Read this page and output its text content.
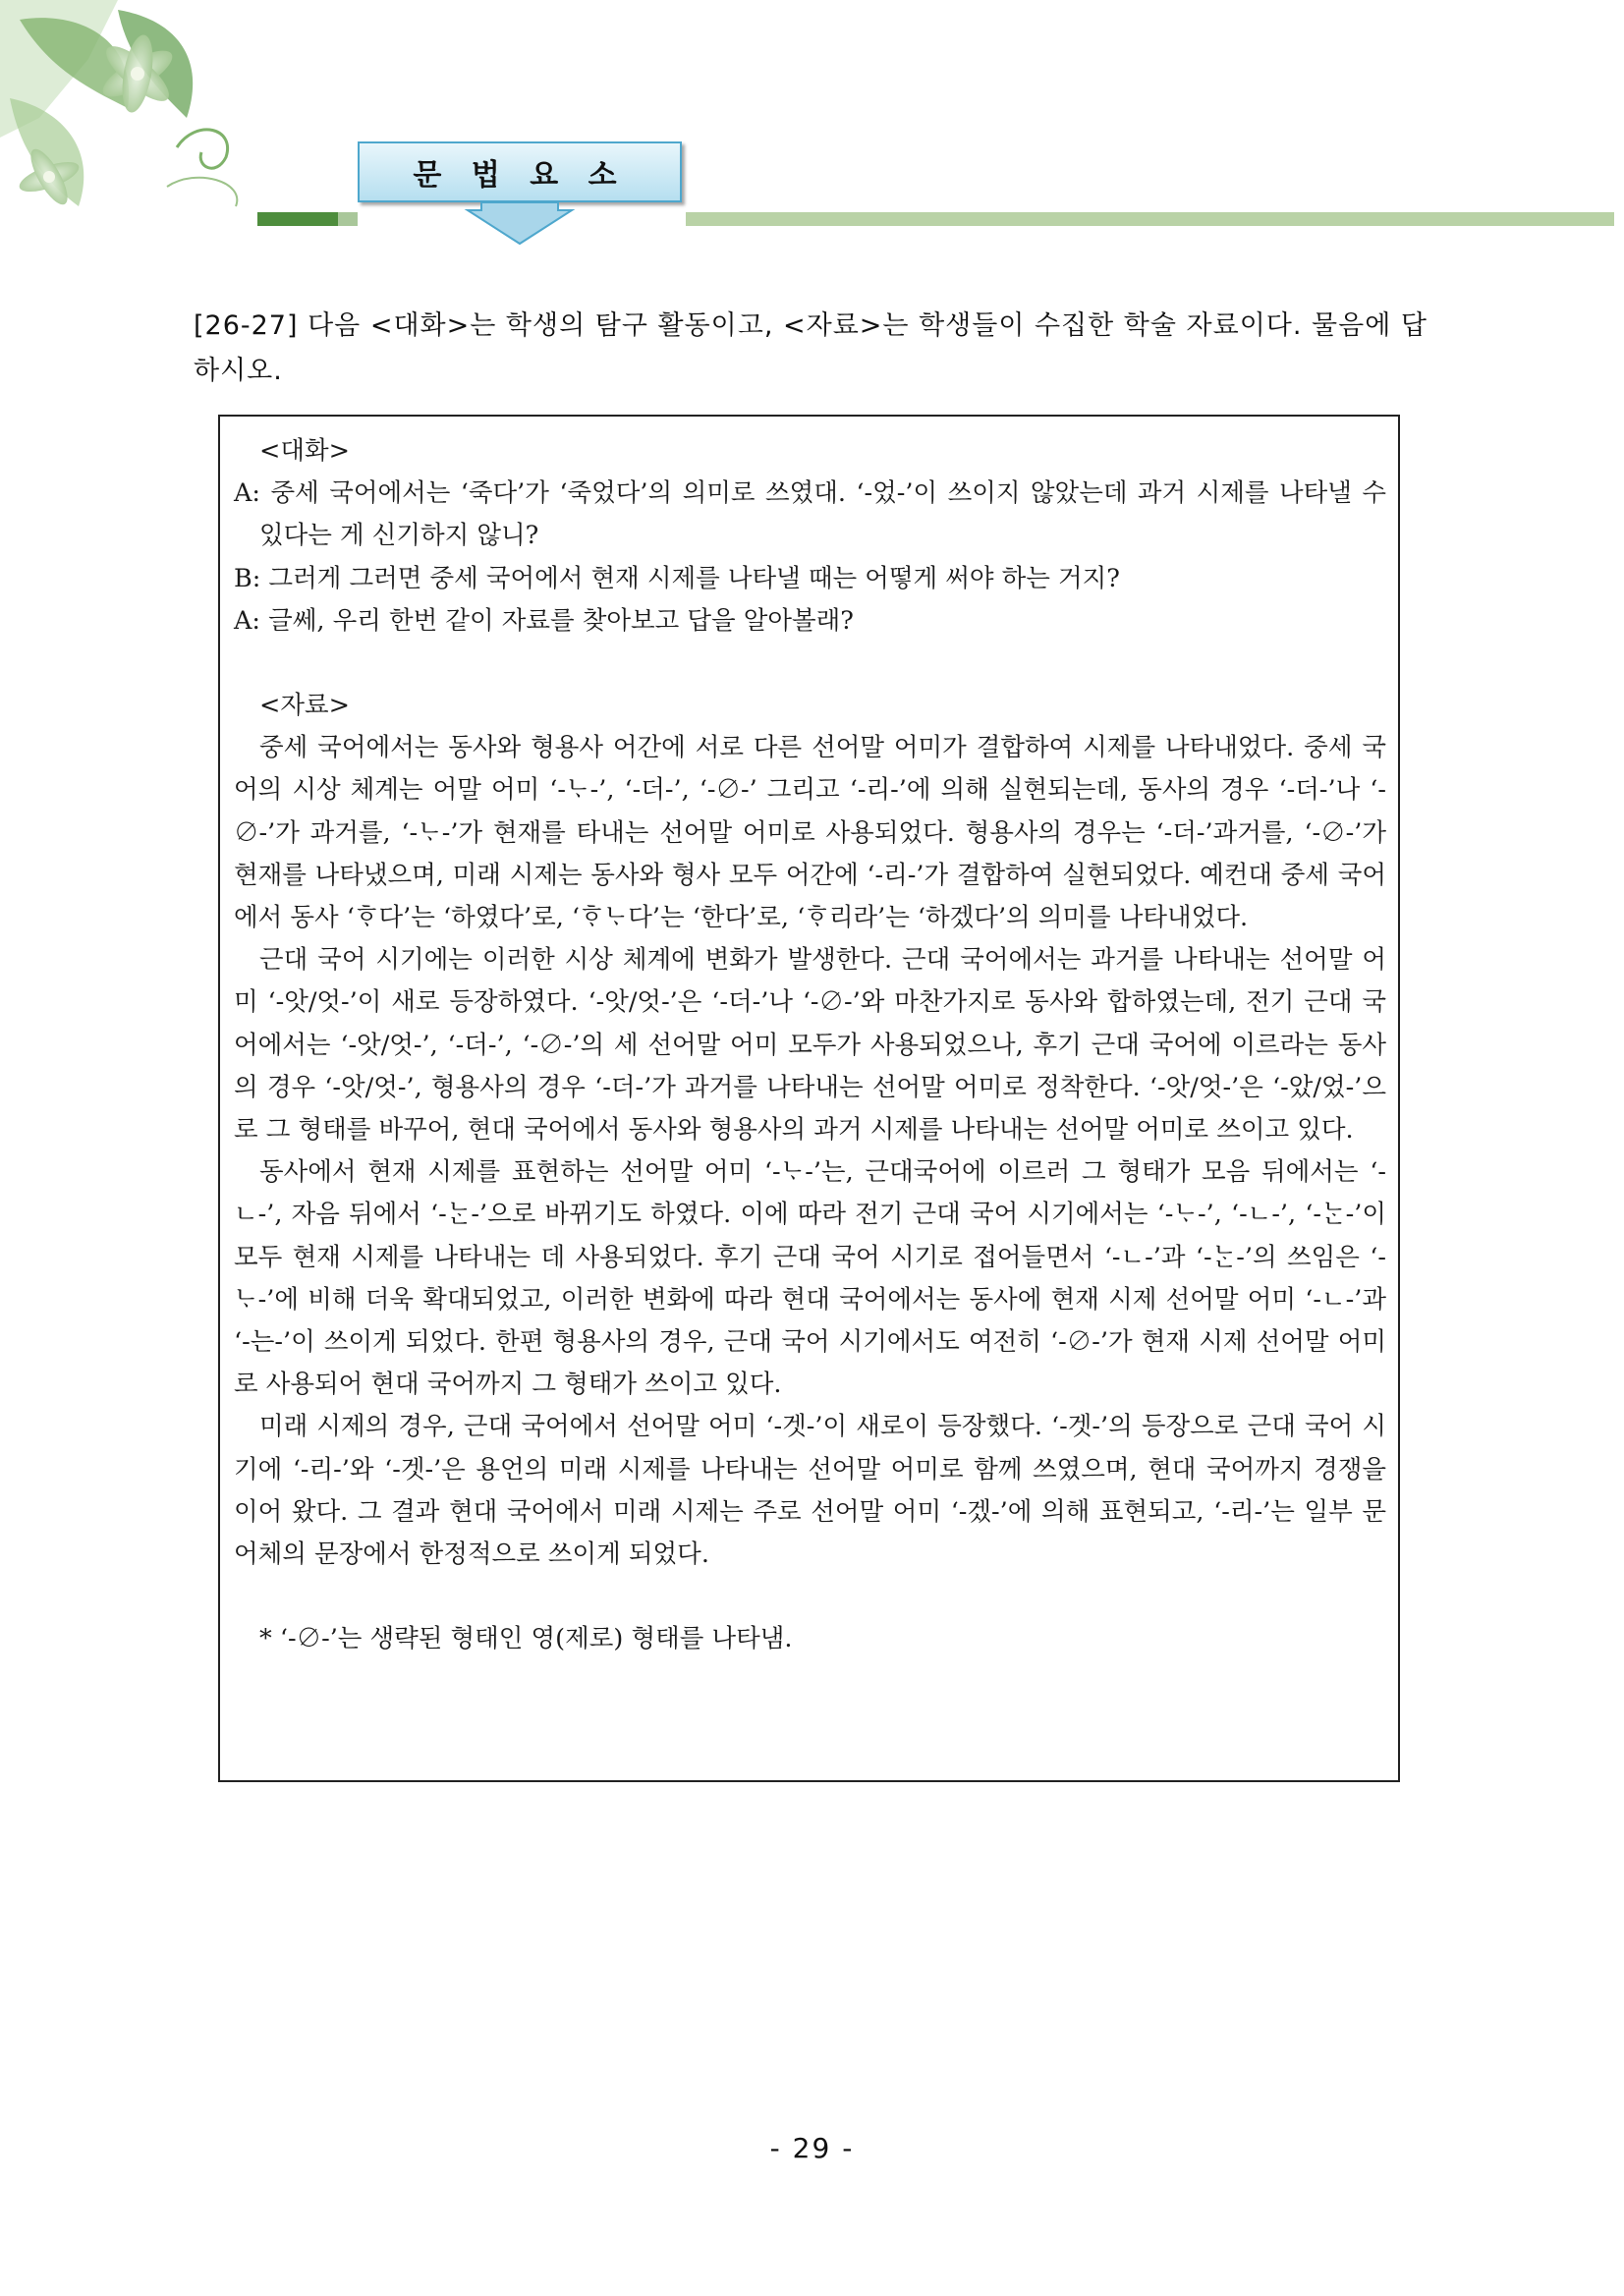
문 법 요 소
[26-27] 다음 <대화>는 학생의 탐구 활동이고, <자료>는 학생들이 수집한 학술 자료이다. 물음에 답하시오.

<대화>

A: 중세 국어에서는 ‘죽다’가 ‘죽었다’의 의미로 쓰였대. ‘-었-’이 쓰이지 않았는데 과거 시제를 나타낼 수 있다는 게 신기하지 않니?

B: 그러게 그러면 중세 국어에서 현재 시제를 나타낼 때는 어떻게 써야 하는 거지?

A: 글쎄, 우리 한번 같이 자료를 찾아보고 답을 알아볼래?

<자료>

중세 국어에서는 동사와 형용사 어간에 서로 다른 선어말 어미가 결합하여 시제를 나타내었다. 중세 국어의 시상 체계는 어말 어미 ‘-ᄂᆞ-’, ‘-더-’, ‘-∅-’ 그리고 ‘-리-’에 의해 실현되는데, 동사의 경우 ‘-더-’나 ‘-∅-’가 과거를, ‘-ᄂᆞ-’가 현재를 타내는 선어말 어미로 사용되었다. 형용사의 경우는 ‘-더-’과거를, ‘-∅-’가 현재를 나타냈으며, 미래 시제는 동사와 형사 모두 어간에 ‘-리-’가 결합하여 실현되었다. 예컨대 중세 국어에서 동사 ‘ᄒᆞ다’는 ‘하였다’로, ‘ᄒᆞᄂᆞ다’는 ‘한다’로, ‘ᄒᆞ리라’는 ‘하겠다’의 의미를 나타내었다.

근대 국어 시기에는 이러한 시상 체계에 변화가 발생한다. 근대 국어에서는 과거를 나타내는 선어말 어미 ‘-앗/엇-’이 새로 등장하였다. ‘-앗/엇-’은 ‘-더-’나 ‘-∅-’와 마찬가지로 동사와 합하였는데, 전기 근대 국어에서는 ‘-앗/엇-’, ‘-더-’, ‘-∅-’의 세 선어말 어미 모두가 사용되었으나, 후기 근대 국어에 이르라는 동사의 경우 ‘-앗/엇-’, 형용사의 경우 ‘-더-’가 과거를 나타내는 선어말 어미로 정착한다. ‘-앗/엇-’은 ‘-았/었-’으로 그 형태를 바꾸어, 현대 국어에서 동사와 형용사의 과거 시제를 나타내는 선어말 어미로 쓰이고 있다.

동사에서 현재 시제를 표현하는 선어말 어미 ‘-ᄂᆞ-’는, 근대국어에 이르러 그 형태가 모음 뒤에서는 ‘-ㄴ-’, 자음 뒤에서 ‘-ᄂᆞᆫ-’으로 바뀌기도 하였다. 이에 따라 전기 근대 국어 시기에서는 ‘-ᄂᆞ-’, ‘-ㄴ-’, ‘-ᄂᆞᆫ-’이 모두 현재 시제를 나타내는 데 사용되었다. 후기 근대 국어 시기로 접어들면서 ‘-ㄴ-’과 ‘-ᄂᆞᆫ-’의 쓰임은 ‘-ᄂᆞ-’에 비해 더욱 확대되었고, 이러한 변화에 따라 현대 국어에서는 동사에 현재 시제 선어말 어미 ‘-ㄴ-’과 ‘-는-’이 쓰이게 되었다. 한편 형용사의 경우, 근대 국어 시기에서도 여전히 ‘-∅-’가 현재 시제 선어말 어미로 사용되어 현대 국어까지 그 형태가 쓰이고 있다.

미래 시제의 경우, 근대 국어에서 선어말 어미 ‘-겟-’이 새로이 등장했다. ‘-겟-’의 등장으로 근대 국어 시기에 ‘-리-’와 ‘-겟-’은 용언의 미래 시제를 나타내는 선어말 어미로 함께 쓰였으며, 현대 국어까지 경쟁을 이어 왔다. 그 결과 현대 국어에서 미래 시제는 주로 선어말 어미 ‘-겠-’에 의해 표현되고, ‘-리-’는 일부 문어체의 문장에서 한정적으로 쓰이게 되었다.

* ‘-∅-’는 생략된 형태인 영(제로) 형태를 나타냄.

- 29 -
